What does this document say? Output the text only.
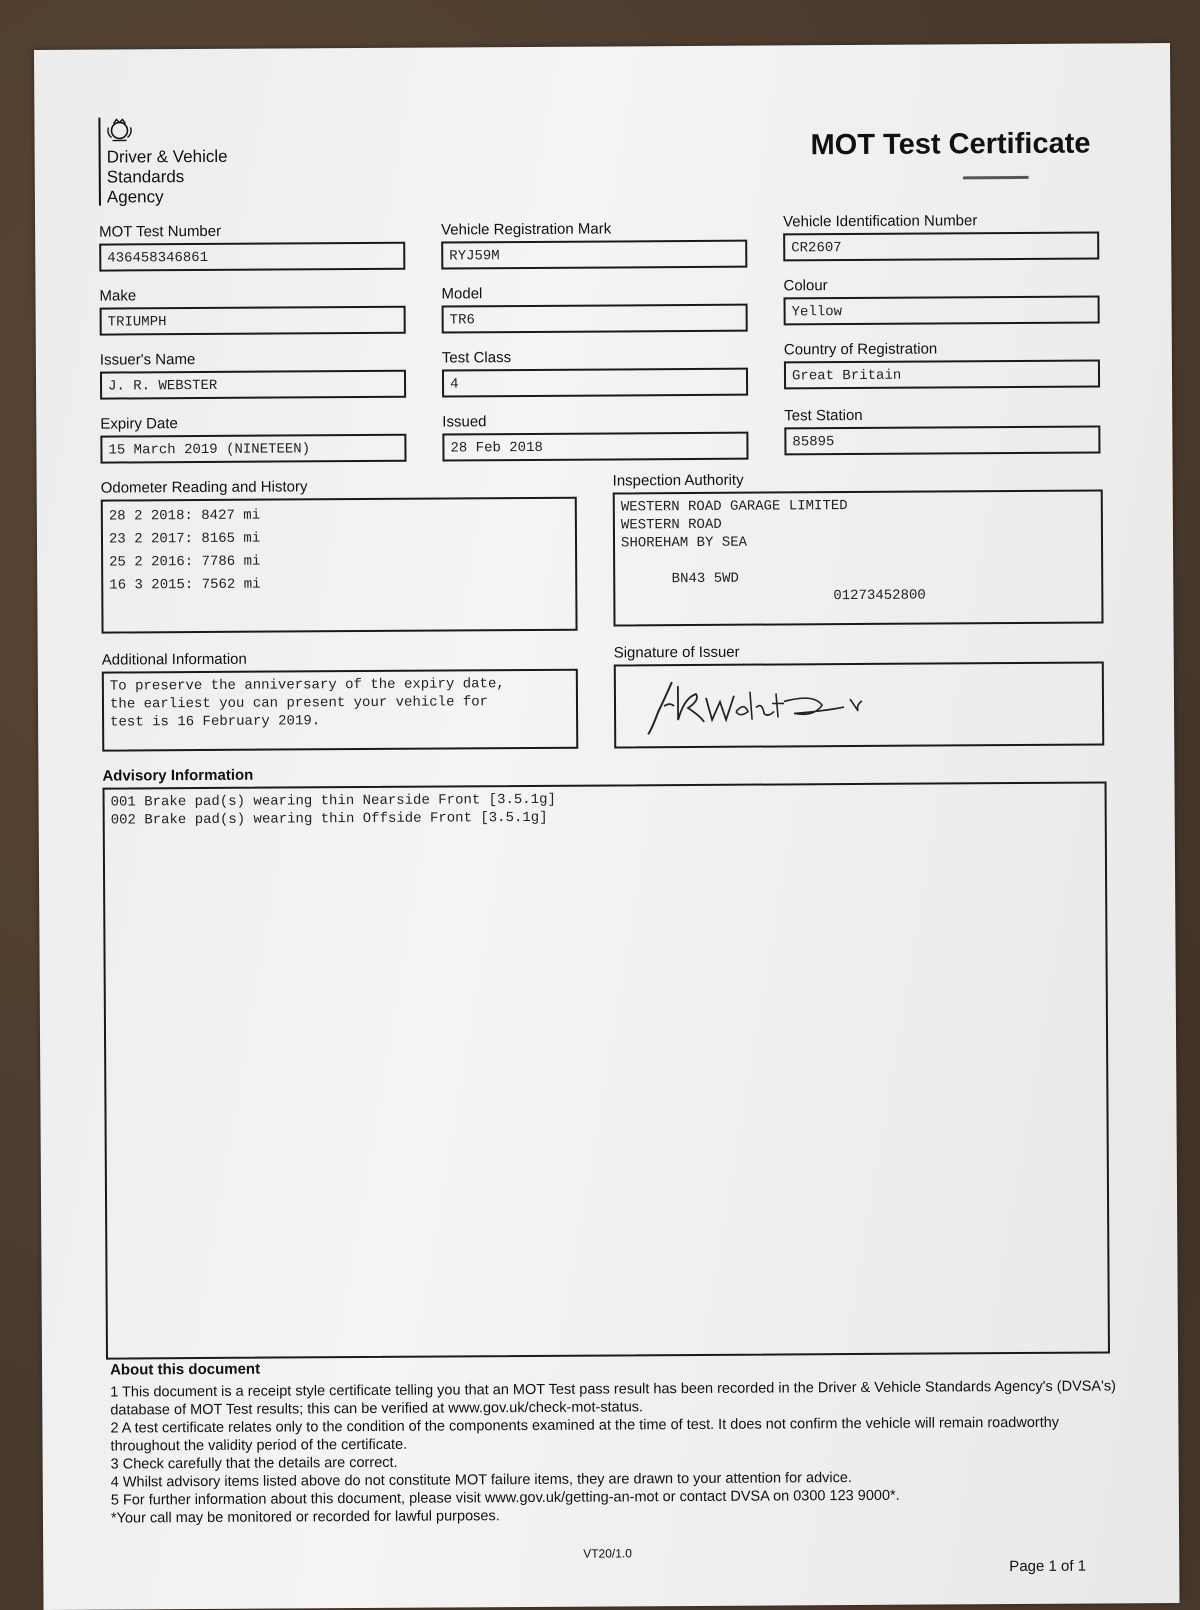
Driver & Vehicle
Standards
Agency
MOT Test Certificate
MOT Test Number
436458346861
Vehicle Registration Mark
RYJ59M
Vehicle Identification Number
CR2607
Make
TRIUMPH
Model
TR6
Colour
Yellow
Issuer's Name
J. R. WEBSTER
Test Class
4
Country of Registration
Great Britain
Expiry Date
15 March 2019 (NINETEEN)
Issued
28 Feb 2018
Test Station
85895
Odometer Reading and History
28 2 2018: 8427 mi
23 2 2017: 8165 mi
25 2 2016: 7786 mi
16 3 2015: 7562 mi
Inspection Authority
WESTERN ROAD GARAGE LIMITED
WESTERN ROAD
SHOREHAM BY SEA

BN43 5WD

01273452800

Additional Information
To preserve the anniversary of the expiry date,
the earliest you can present your vehicle for
test is 16 February 2019.
Signature of Issuer
Advisory Information
001 Brake pad(s) wearing thin Nearside Front [3.5.1g]
002 Brake pad(s) wearing thin Offside Front [3.5.1g]
About this document

1 This document is a receipt style certificate telling you that an MOT Test pass result has been recorded in the Driver & Vehicle Standards Agency's (DVSA's) database of MOT Test results; this can be verified at www.gov.uk/check-mot-status.

2 A test certificate relates only to the condition of the components examined at the time of test. It does not confirm the vehicle will remain roadworthy throughout the validity period of the certificate.

3 Check carefully that the details are correct.

4 Whilst advisory items listed above do not constitute MOT failure items, they are drawn to your attention for advice.

5 For further information about this document, please visit www.gov.uk/getting-an-mot or contact DVSA on 0300 123 9000*.

*Your call may be monitored or recorded for lawful purposes.

VT20/1.0
Page 1 of 1
